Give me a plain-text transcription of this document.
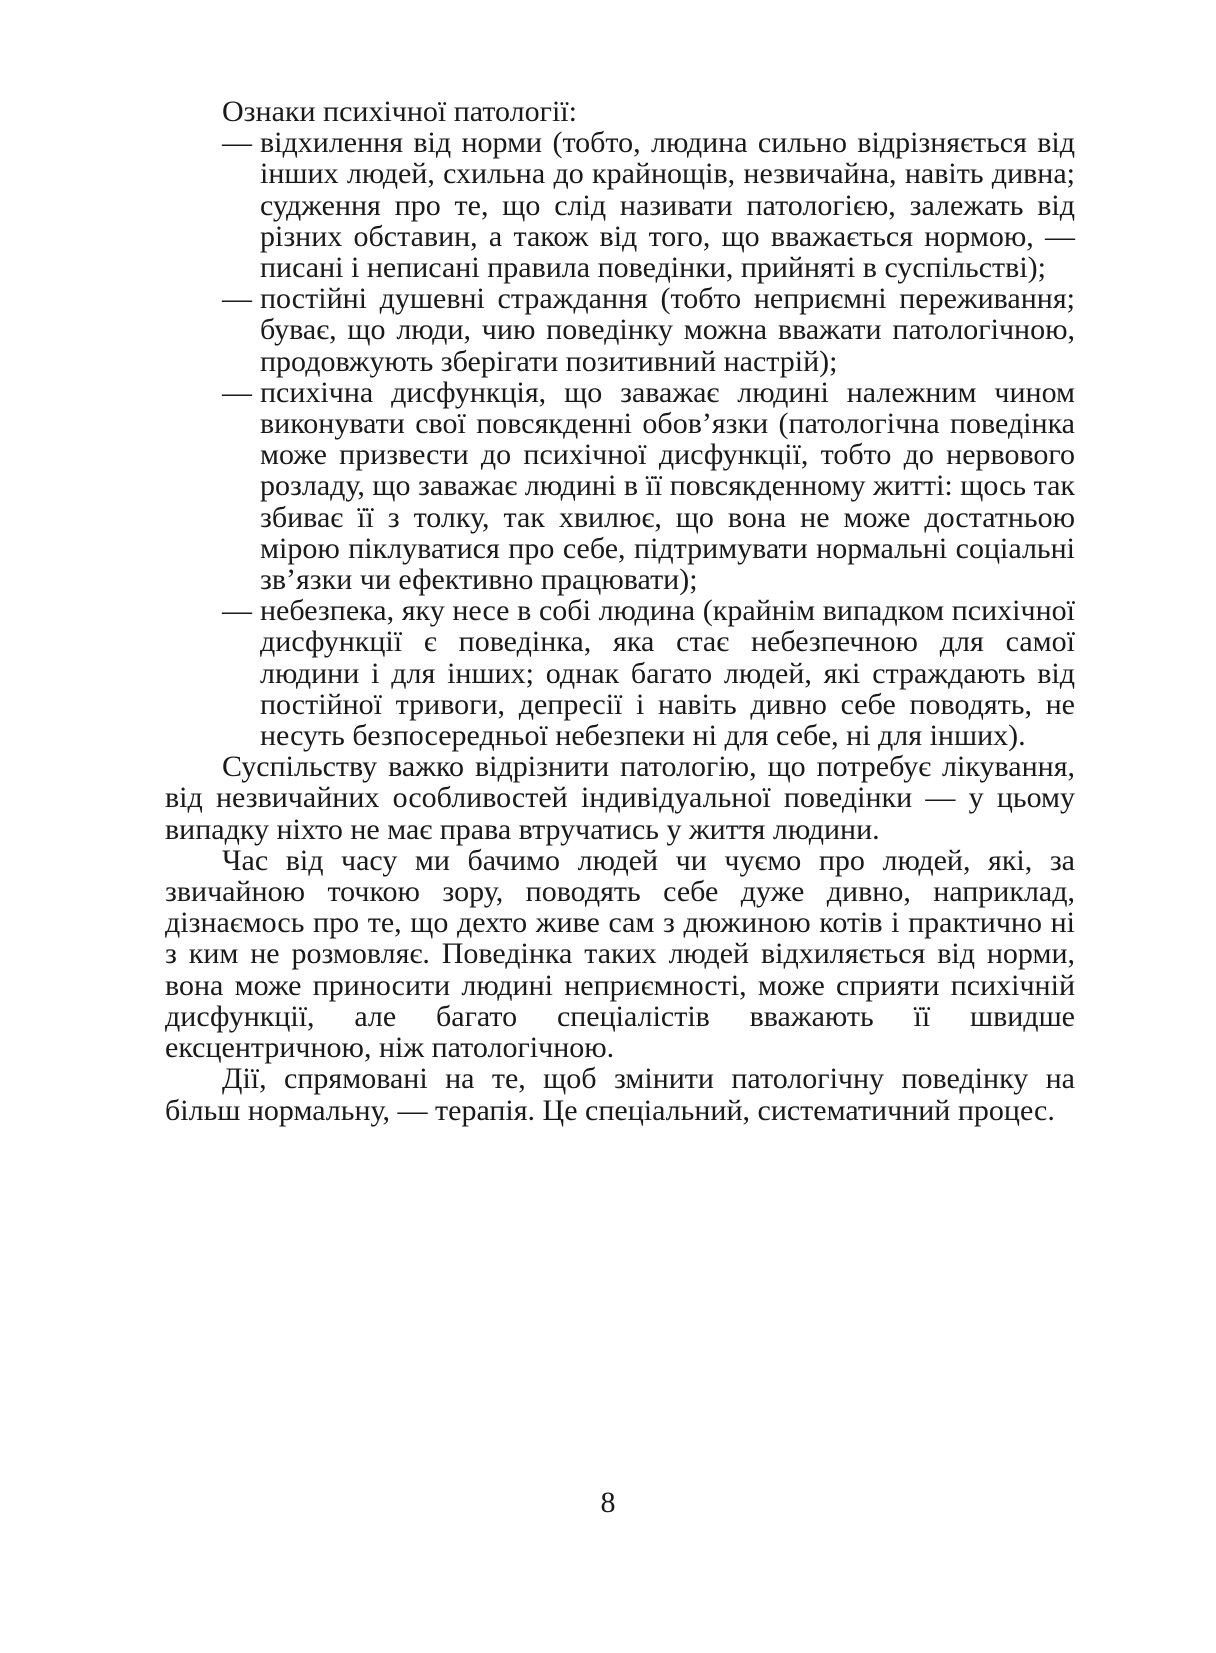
Ознаки психічної патології:
— відхилення від норми (тобто, людина сильно відрізняється від інших людей, схильна до крайнощів, незвичайна, навіть дивна; судження про те, що слід називати патологією, залежать від різних обставин, а також від того, що вважається нормою, — писані і неписані правила поведінки, прийняті в суспільстві);
— постійні душевні страждання (тобто неприємні переживання; буває, що люди, чию поведінку можна вважати патологічною, продовжують зберігати позитивний настрій);
— психічна дисфункція, що заважає людині належним чином виконувати свої повсякденні обов’язки (патологічна поведінка може призвести до психічної дисфункції, тобто до нервового розладу, що заважає людині в її повсякденному житті: щось так збиває її з толку, так хвилює, що вона не може достатньою мірою піклуватися про себе, підтримувати нормальні соціальні зв’язки чи ефективно працювати);
— небезпека, яку несе в собі людина (крайнім випадком психічної дисфункції є поведінка, яка стає небезпечною для самої людини і для інших; однак багато людей, які страждають від постійної тривоги, депресії і навіть дивно себе поводять, не несуть безпосередньої небезпеки ні для себе, ні для інших).

Суспільству важко відрізнити патологію, що потребує лікування, від незвичайних особливостей індивідуальної поведінки — у цьому випадку ніхто не має права втручатись у життя людини.

Час від часу ми бачимо людей чи чуємо про людей, які, за звичайною точкою зору, поводять себе дуже дивно, наприклад, дізнаємось про те, що дехто живе сам з дюжиною котів і практично ні з ким не розмовляє. Поведінка таких людей відхиляється від норми, вона може приносити людині неприємності, може сприяти психічній дисфункції, але багато спеціалістів вважають її швидше ексцентричною, ніж патологічною.

Дії, спрямовані на те, щоб змінити патологічну поведінку на більш нормальну, — терапія. Це спеціальний, систематичний процес.

8
